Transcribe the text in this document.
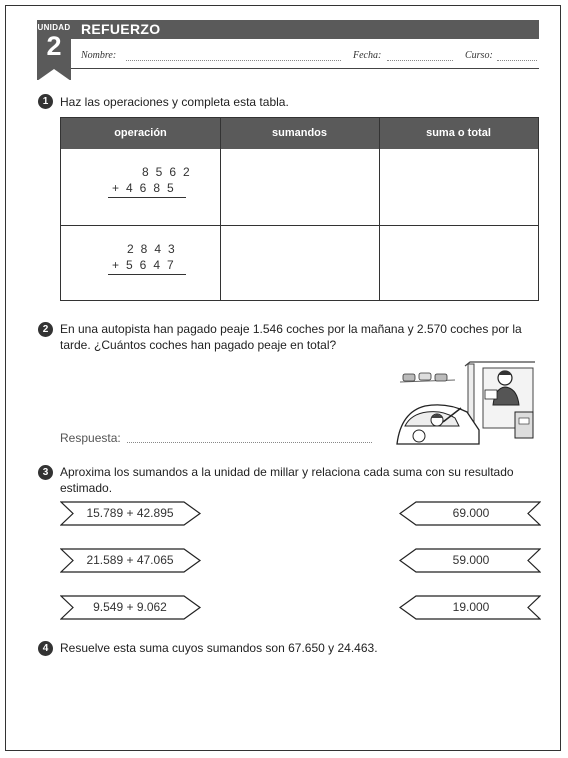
UNIDAD
2
REFUERZO
Nombre:	Fecha:	Curso:
1 Haz las operaciones y completa esta tabla.
operación	sumandos	suma o total
8562
+4685
2843
+5647
2 En una autopista han pagado peaje 1.546 coches por la mañana y 2.570 coches por la
tarde. ¿Cuántos coches han pagado peaje en total?
Respuesta:
3 Aproxima los sumandos a la unidad de millar y relaciona cada suma con su resultado
estimado.
15.789 + 42.895
21.589 + 47.065
9.549 + 9.062
69.000
59.000
19.000
4 Resuelve esta suma cuyos sumandos son 67.650 y 24.463.
